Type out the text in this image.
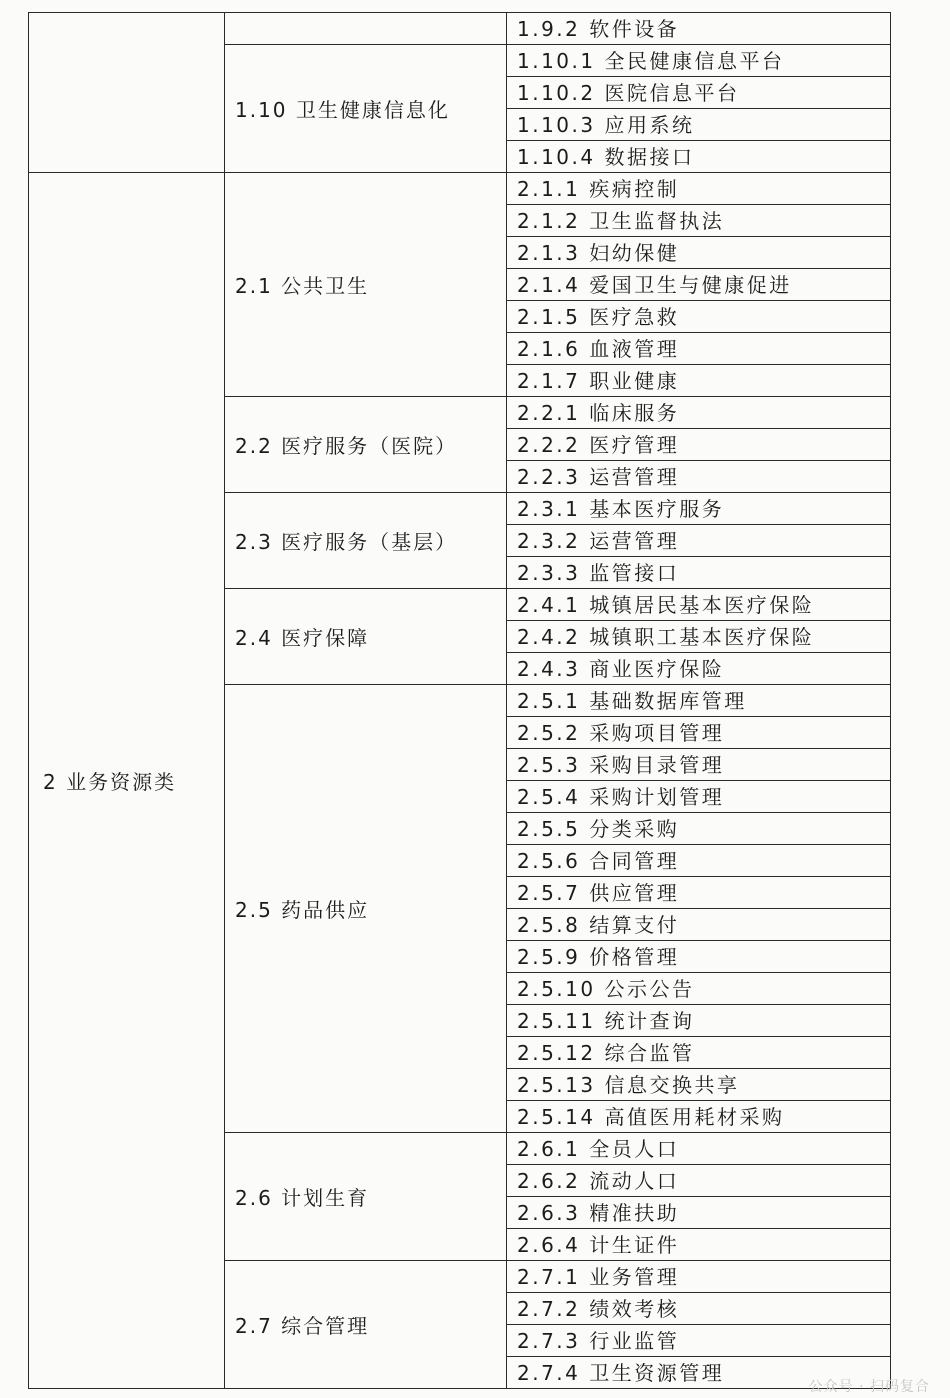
		1.9.2 软件设备
	1.10 卫生健康信息化	1.10.1 全民健康信息平台
		1.10.2 医院信息平台
		1.10.3 应用系统
		1.10.4 数据接口
2 业务资源类	2.1 公共卫生	2.1.1 疾病控制
		2.1.2 卫生监督执法
		2.1.3 妇幼保健
		2.1.4 爱国卫生与健康促进
		2.1.5 医疗急救
		2.1.6 血液管理
		2.1.7 职业健康
	2.2 医疗服务（医院）	2.2.1 临床服务
		2.2.2 医疗管理
		2.2.3 运营管理
	2.3 医疗服务（基层）	2.3.1 基本医疗服务
		2.3.2 运营管理
		2.3.3 监管接口
	2.4 医疗保障	2.4.1 城镇居民基本医疗保险
		2.4.2 城镇职工基本医疗保险
		2.4.3 商业医疗保险
	2.5 药品供应	2.5.1 基础数据库管理
		2.5.2 采购项目管理
		2.5.3 采购目录管理
		2.5.4 采购计划管理
		2.5.5 分类采购
		2.5.6 合同管理
		2.5.7 供应管理
		2.5.8 结算支付
		2.5.9 价格管理
		2.5.10 公示公告
		2.5.11 统计查询
		2.5.12 综合监管
		2.5.13 信息交换共享
		2.5.14 高值医用耗材采购
	2.6 计划生育	2.6.1 全员人口
		2.6.2 流动人口
		2.6.3 精准扶助
		2.6.4 计生证件
	2.7 综合管理	2.7.1 业务管理
		2.7.2 绩效考核
		2.7.3 行业监管
		2.7.4 卫生资源管理
公众号 · 扫码复合
